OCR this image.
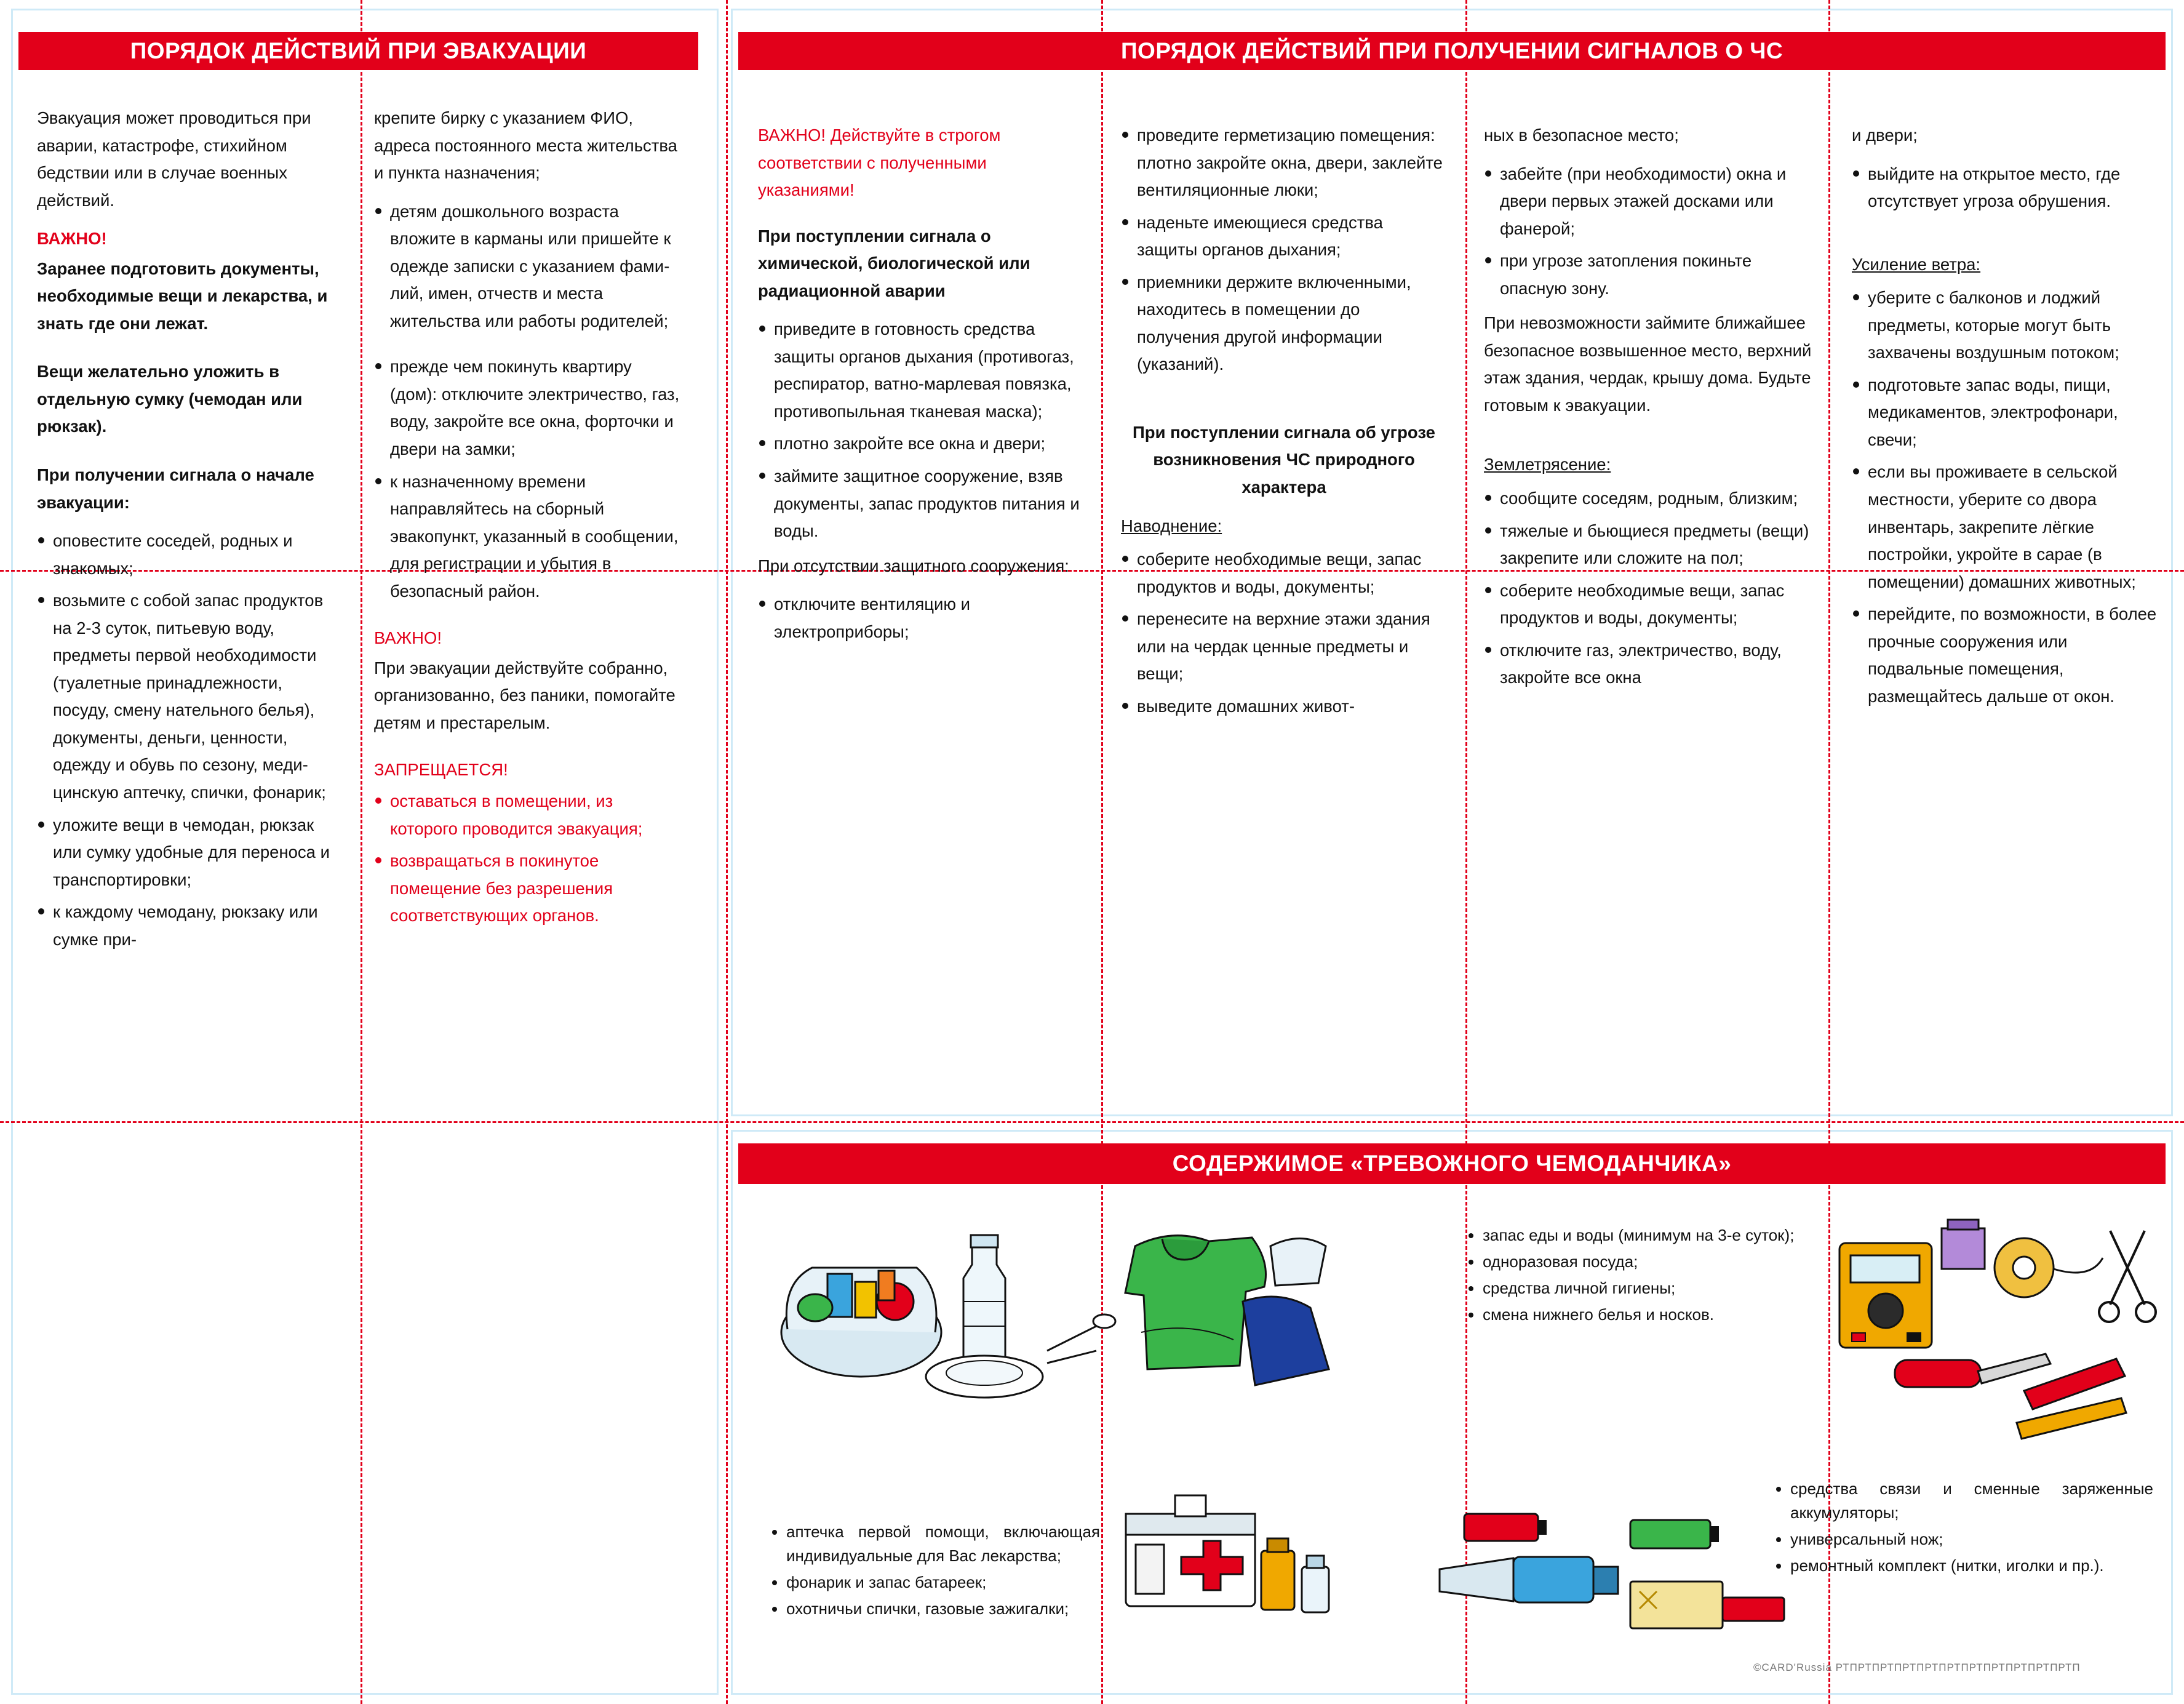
ПОРЯДОК ДЕЙСТВИЙ ПРИ ЭВАКУАЦИИ	ПОРЯДОК ДЕЙСТВИЙ ПРИ ПОЛУЧЕНИИ СИГНАЛОВ О ЧС
СОДЕРЖИМОЕ «ТРЕВОЖНОГО ЧЕМОДАНЧИКА»

Эвакуация может проводиться при аварии, катастрофе, стихийном бедствии или в случае военных действий.

ВАЖНО!

Заранее подготовить документы, необходимые вещи и лекарства, и знать где они лежат.

Вещи желательно уложить в отдельную сумку (чемодан или рюкзак).

При получении сигнала о начале эвакуации:

оповестите соседей, родных и знакомых;
возьмите с собой запас продуктов на 2-3 суток, питьевую воду, предметы первой необходимости (туалетные принадлежности, посуду, смену нательного белья), документы, деньги, ценности, одежду и обувь по сезону, медицинскую аптечку, спички, фонарик;
уложите вещи в чемодан, рюкзак или сумку удобные для переноса и транспортировки;
к каждому чемодану, рюкзаку или сумке при-

крепите бирку с указанием ФИО, адреса постоянного места жительства и пункта назначения;

детям дошкольного возраста вложите в карманы или пришейте к одежде записки с указанием фамилий, имен, отчеств и места жительства или работы родителей;
прежде чем покинуть квартиру (дом): отключите электричество, газ, воду, закройте все окна, форточки и двери на замки;
к назначенному времени направляйтесь на сборный эвакопункт, указанный в сообщении, для регистрации и убытия в безопасный район.

ВАЖНО!

При эвакуации действуйте собранно, организованно, без паники, помогайте детям и престарелым.

ЗАПРЕЩАЕТСЯ!

оставаться в помещении, из которого проводится эвакуация;
возвращаться в покинутое помещение без разрешения соответствующих органов.

ВАЖНО! Действуйте в строгом соответствии с полученными указаниями!

При поступлении сигнала о химической, биологической или радиационной аварии

приведите в готовность средства защиты органов дыхания (противогаз, респиратор, ватно-марлевая повязка, противопыльная тканевая маска);
плотно закройте все окна и двери;
займите защитное сооружение, взяв документы, запас продуктов питания и воды.

При отсутствии защитного сооружения:

отключите вентиляцию и электроприборы;
проведите герметизацию помещения: плотно закройте окна, двери, заклейте вентиляционные люки;
наденьте имеющиеся средства защиты органов дыхания;
приемники держите включенными, находитесь в помещении до получения другой информации (указаний).

При поступлении сигнала об угрозе возникновения ЧС природного характера

Наводнение:

соберите необходимые вещи, запас продуктов и воды, документы;
перенесите на верхние этажи здания или на чердак ценные предметы и вещи;
выведите домашних живот-

ных в безопасное место;

забейте (при необходимости) окна и двери первых этажей досками или фанерой;
при угрозе затопления покиньте опасную зону.

При невозможности займите ближайшее безопасное возвышенное место, верхний этаж здания, чердак, крышу дома. Будьте готовым к эвакуации.

Землетрясение:

сообщите соседям, родным, близким;
тяжелые и бьющиеся предметы (вещи) закрепите или сложите на пол;
соберите необходимые вещи, запас продуктов и воды, документы;
отключите газ, электричество, воду, закройте все окна

и двери;

выйдите на открытое место, где отсутствует угроза обрушения.

Усиление ветра:

уберите с балконов и лоджий предметы, которые могут быть захвачены воздушным потоком;
подготовьте запас воды, пищи, медикаментов, электрофонари, свечи;
если вы проживаете в сельской местности, уберите со двора инвентарь, закрепите лёгкие постройки, укройте в сарае (в помещении) домашних животных;
перейдите, по возможности, в более прочные сооружения или подвальные помещения, размещайтесь дальше от окон.
• запас еды и воды (минимум на 3-е суток);
• одноразовая посуда;
• средства личной гигиены;
• смена нижнего белья и носков.
• аптечка первой помощи, включающая индивидуальные для Вас лекарства;
• фонарик и запас батареек;
• охотничьи спички, газовые зажигалки;
• средства связи и сменные заряженные аккумуляторы;
• универсальный нож;
• ремонтный комплект (нитки, иголки и пр.).
©CARD'Russia РТПРТПРТПРТПРТПРТПРТПРТПРТПРТПРТП
